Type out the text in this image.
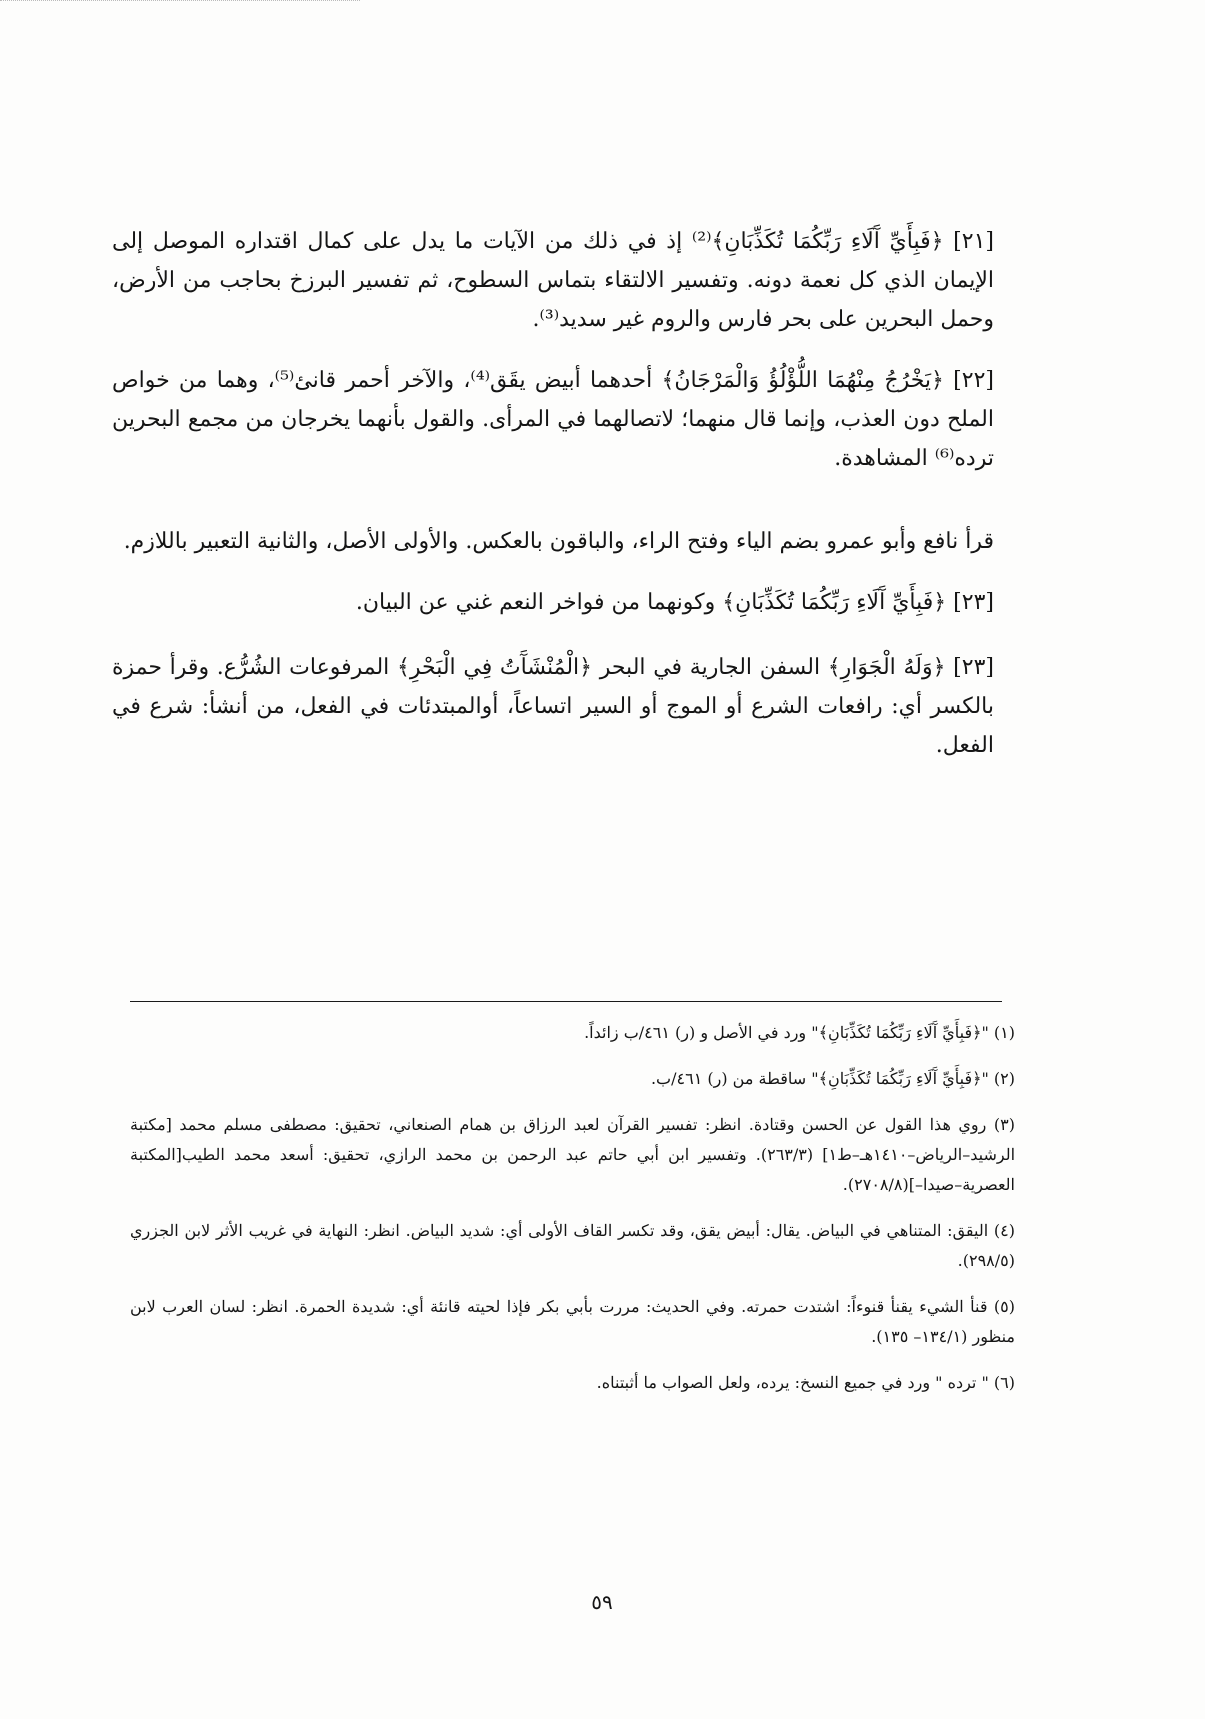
[٢١] ﴿فَبِأَيِّ آَلَاءِ رَبِّكُمَا تُكَذِّبَانِ﴾⁽²⁾ إذ في ذلك من الآيات ما يدل على كمال اقتداره الموصل إلى الإيمان الذي كل نعمة دونه. وتفسير الالتقاء بتماس السطوح، ثم تفسير البرزخ بحاجب من الأرض، وحمل البحرين على بحر فارس والروم غير سديد⁽³⁾.

[٢٢] ﴿يَخْرُجُ مِنْهُمَا اللُّؤْلُؤُ وَالْمَرْجَانُ﴾ أحدهما أبيض يقَق⁽⁴⁾، والآخر أحمر قانئ⁽⁵⁾، وهما من خواص الملح دون العذب، وإنما قال منهما؛ لاتصالهما في المرأى. والقول بأنهما يخرجان من مجمع البحرين ترده⁽⁶⁾ المشاهدة.

قرأ نافع وأبو عمرو بضم الياء وفتح الراء، والباقون بالعكس. والأولى الأصل، والثانية التعبير باللازم.

[٢٣] ﴿فَبِأَيِّ آَلَاءِ رَبِّكُمَا تُكَذِّبَانِ﴾ وكونهما من فواخر النعم غني عن البيان.

[٢٣] ﴿وَلَهُ الْجَوَارِ﴾ السفن الجارية في البحر ﴿الْمُنْشَآَتُ فِي الْبَحْرِ﴾ المرفوعات الشُرُّع. وقرأ حمزة بالكسر أي: رافعات الشرع أو الموج أو السير اتساعاً، أوالمبتدئات في الفعل، من أنشأ: شرع في الفعل.

(١) "﴿فَبِأَيِّ آَلَاءِ رَبِّكُمَا تُكَذِّبَانِ﴾" ورد في الأصل و (ر) ٤٦١/ب زائداً.

(٢) "﴿فَبِأَيِّ آَلَاءِ رَبِّكُمَا تُكَذِّبَانِ﴾" ساقطة من (ر) ٤٦١/ب.

(٣) روي هذا القول عن الحسن وقتادة. انظر: تفسير القرآن لعبد الرزاق بن همام الصنعاني، تحقيق: مصطفى مسلم محمد [مكتبة الرشيد–الرياض–١٤١٠هـ–ط١] (٢٦٣/٣). وتفسير ابن أبي حاتم عبد الرحمن بن محمد الرازي، تحقيق: أسعد محمد الطيب[المكتبة العصرية–صيدا–](٢٧٠٨/٨).

(٤) اليقق: المتناهي في البياض. يقال: أبيض يقق، وقد تكسر القاف الأولى أي: شديد البياض. انظر: النهاية في غريب الأثر لابن الجزري (٢٩٨/٥).

(٥) قنأ الشيء يقنأ قنوءاً: اشتدت حمرته. وفي الحديث: مررت بأبي بكر فإذا لحيته قانئة أي: شديدة الحمرة. انظر: لسان العرب لابن منظور (١٣٤/١– ١٣٥).

(٦) " ترده " ورد في جميع النسخ: يرده، ولعل الصواب ما أثبتناه.

٥٩
